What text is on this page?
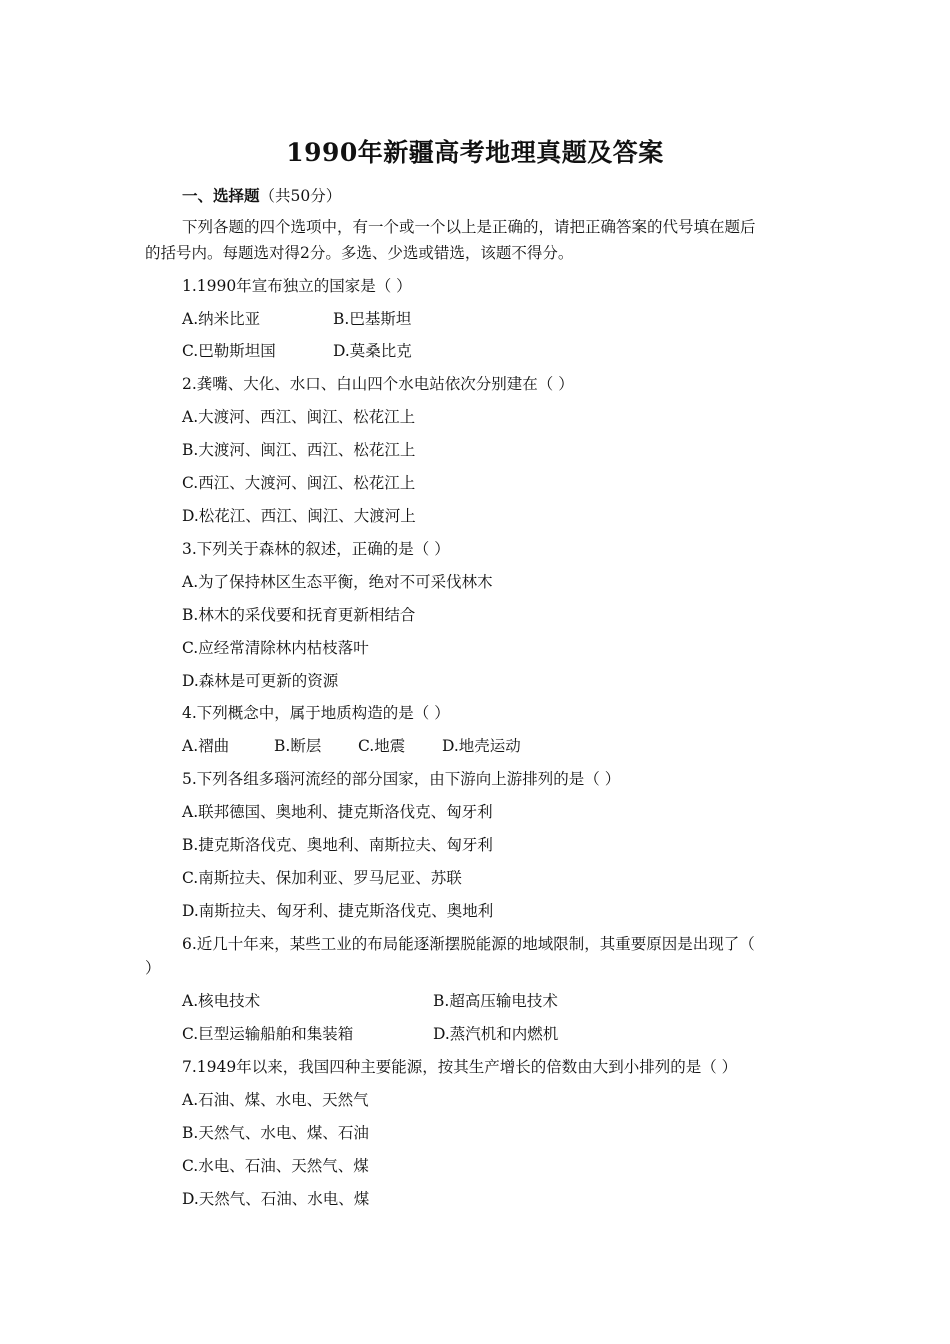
1990年新疆高考地理真题及答案
一、选择题（共50分）
下列各题的四个选项中，有一个或一个以上是正确的，请把正确答案的代号填在题后
的括号内。每题选对得2分。多选、少选或错选，该题不得分。
1.1990年宣布独立的国家是（ ）
A.纳米比亚	B.巴基斯坦
C.巴勒斯坦国	D.莫桑比克
2.龚嘴、大化、水口、白山四个水电站依次分别建在（ ）
A.大渡河、西江、闽江、松花江上
B.大渡河、闽江、西江、松花江上
C.西江、大渡河、闽江、松花江上
D.松花江、西江、闽江、大渡河上
3.下列关于森林的叙述，正确的是（ ）
A.为了保持林区生态平衡，绝对不可采伐林木
B.林木的采伐要和抚育更新相结合
C.应经常清除林内枯枝落叶
D.森林是可更新的资源
4.下列概念中，属于地质构造的是（ ）
A.褶曲	B.断层 C.地震 D.地壳运动
5.下列各组多瑙河流经的部分国家，由下游向上游排列的是（ ）
A.联邦德国、奥地利、捷克斯洛伐克、匈牙利
B.捷克斯洛伐克、奥地利、南斯拉夫、匈牙利
C.南斯拉夫、保加利亚、罗马尼亚、苏联
D.南斯拉夫、匈牙利、捷克斯洛伐克、奥地利
6.近几十年来，某些工业的布局能逐渐摆脱能源的地域限制，其重要原因是出现了（
）
A.核电技术	B.超高压输电技术
C.巨型运输船舶和集装箱	D.蒸汽机和内燃机
7.1949年以来，我国四种主要能源，按其生产增长的倍数由大到小排列的是（ ）
A.石油、煤、水电、天然气
B.天然气、水电、煤、石油
C.水电、石油、天然气、煤
D.天然气、石油、水电、煤
